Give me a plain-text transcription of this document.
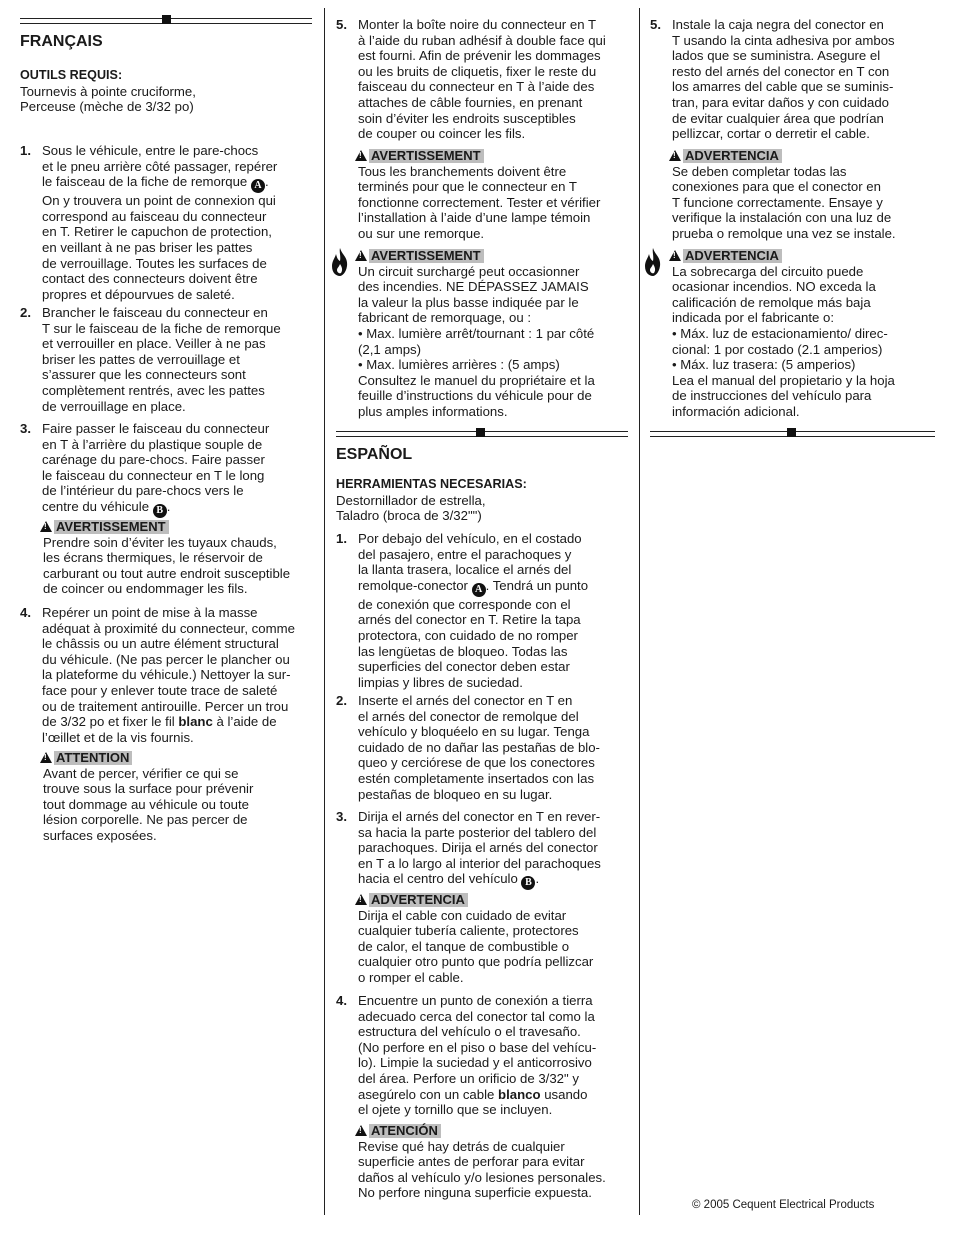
FRANÇAIS
OUTILS REQUIS:
Tournevis à pointe cruciforme,
Perceuse (mèche de 3/32 po)
1. Sous le véhicule, entre le pare-chocs
et le pneu arrière côté passager, repérer
le faisceau de la fiche de remorque A .
On y trouvera un point de connexion qui
correspond au faisceau du connecteur
en T. Retirer le capuchon de protection,
en veillant à ne pas briser les pattes
de verrouillage. Toutes les surfaces de
contact des connecteurs doivent être
propres et dépourvues de saleté.
2. Brancher le faisceau du connecteur en
T sur le faisceau de la fiche de remorque
et verrouiller en place. Veiller à ne pas
briser les pattes de verrouillage et
s’assurer que les connecteurs sont
complètement rentrés, avec les pattes
de verrouillage en place.
3. Faire passer le faisceau du connecteur
en T à l’arrière du plastique souple de
carénage du pare-chocs. Faire passer
le faisceau du connecteur en T le long
de l’intérieur du pare-chocs vers le
centre du véhicule B .
!AVERTISSEMENT
Prendre soin d’éviter les tuyaux chauds,
les écrans thermiques, le réservoir de
carburant ou tout autre endroit susceptible
de coincer ou endommager les fils.
4. Repérer un point de mise à la masse
adéquat à proximité du connecteur, comme
le châssis ou un autre élément structural
du véhicule. (Ne pas percer le plancher ou
la plateforme du véhicule.) Nettoyer la sur-
face pour y enlever toute trace de saleté
ou de traitement antirouille. Percer un trou
de 3/32 po et fixer le fil blanc à l’aide de
l’œillet et de la vis fournis.
!ATTENTION
Avant de percer, vérifier ce qui se
trouve sous la surface pour prévenir
tout dommage au véhicule ou toute
lésion corporelle. Ne pas percer de
surfaces exposées.
5. Monter la boîte noire du connecteur en T
à l’aide du ruban adhésif à double face qui
est fourni. Afin de prévenir les dommages
ou les bruits de cliquetis, fixer le reste du
faisceau du connecteur en T à l’aide des
attaches de câble fournies, en prenant
soin d’éviter les endroits susceptibles
de couper ou coincer les fils.
!AVERTISSEMENT
Tous les branchements doivent être
terminés pour que le connecteur en T
fonctionne correctement. Tester et vérifier
l’installation à l’aide d’une lampe témoin
ou sur une remorque.
!AVERTISSEMENT
Un circuit surchargé peut occasionner
des incendies. NE DÉPASSEZ JAMAIS
la valeur la plus basse indiquée par le
fabricant de remorquage, ou :
• Max. lumière arrêt/tournant : 1 par côté
(2,1 amps)
• Max. lumières arrières : (5 amps)
Consultez le manuel du propriétaire et la
feuille d’instructions du véhicule pour de
plus amples informations.
ESPAÑOL
HERRAMIENTAS NECESARIAS:
Destornillador de estrella,
Taladro (broca de 3/32"")
1. Por debajo del vehículo, en el costado
del pasajero, entre el parachoques y
la llanta trasera, localice el arnés del
remolque-conector A . Tendrá un punto
de conexión que corresponde con el
arnés del conector en T. Retire la tapa
protectora, con cuidado de no romper
las lengüetas de bloqueo. Todas las
superficies del conector deben estar
limpias y libres de suciedad.
2. Inserte el arnés del conector en T en
el arnés del conector de remolque del
vehículo y bloquéelo en su lugar. Tenga
cuidado de no dañar las pestañas de blo-
queo y cerciórese de que los conectores
estén completamente insertados con las
pestañas de bloqueo en su lugar.
3. Dirija el arnés del conector en T en rever-
sa hacia la parte posterior del tablero del
parachoques. Dirija el arnés del conector
en T a lo largo al interior del parachoques
hacia el centro del vehículo B .
!ADVERTENCIA
Dirija el cable con cuidado de evitar
cualquier tubería caliente, protectores
de calor, el tanque de combustible o
cualquier otro punto que podría pellizcar
o romper el cable.
4. Encuentre un punto de conexión a tierra
adecuado cerca del conector tal como la
estructura del vehículo o el travesaño.
(No perfore en el piso o base del vehícu-
lo). Limpie la suciedad y el anticorrosivo
del área. Perfore un orificio de 3/32" y
asegúrelo con un cable blanco usando
el ojete y tornillo que se incluyen.
!ATENCIÓN
Revise qué hay detrás de cualquier
superficie antes de perforar para evitar
daños al vehículo y/o lesiones personales.
No perfore ninguna superficie expuesta.
5. Instale la caja negra del conector en
T usando la cinta adhesiva por ambos
lados que se suministra. Asegure el
resto del arnés del conector en T con
los amarres del cable que se suminis-
tran, para evitar daños y con cuidado
de evitar cualquier área que podrían
pellizcar, cortar o derretir el cable.
!ADVERTENCIA
Se deben completar todas las
conexiones para que el conector en
T funcione correctamente. Ensaye y
verifique la instalación con una luz de
prueba o remolque una vez se instale.
!ADVERTENCIA
La sobrecarga del circuito puede
ocasionar incendios. NO exceda la
calificación de remolque más baja
indicada por el fabricante o:
• Máx. luz de estacionamiento/ direc-
cional: 1 por costado (2.1 amperios)
• Máx. luz trasera: (5 amperios)
Lea el manual del propietario y la hoja
de instrucciones del vehículo para
información adicional.
© 2005 Cequent Electrical Products
